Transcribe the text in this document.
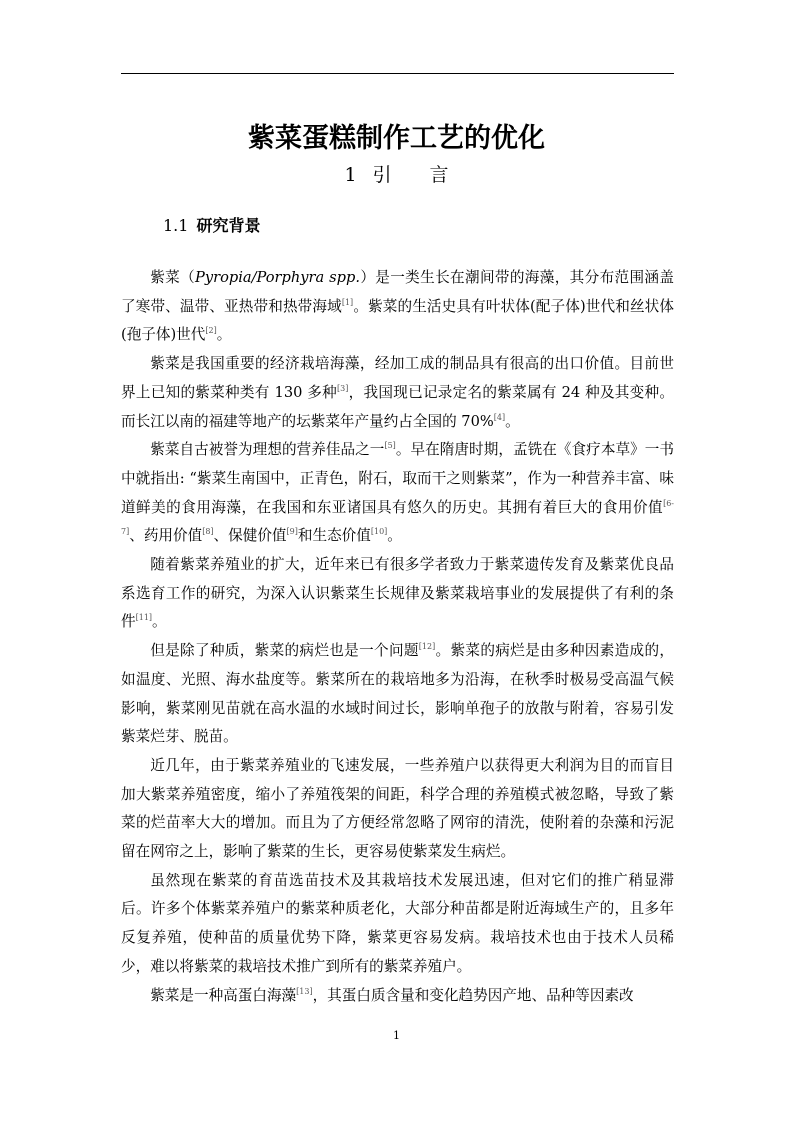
紫菜蛋糕制作工艺的优化
1 引 言
1.1 研究背景

紫菜（Pyropia/Porphyra spp.）是一类生长在潮间带的海藻，其分布范围涵盖了寒带、温带、亚热带和热带海域[1]。紫菜的生活史具有叶状体(配子体)世代和丝状体(孢子体)世代[2]。

紫菜是我国重要的经济栽培海藻，经加工成的制品具有很高的出口价值。目前世界上已知的紫菜种类有 130 多种[3]，我国现已记录定名的紫菜属有 24 种及其变种。而长江以南的福建等地产的坛紫菜年产量约占全国的 70%[4]。

紫菜自古被誉为理想的营养佳品之一[5]。早在隋唐时期，孟铣在《食疗本草》一书中就指出: “紫菜生南国中，正青色，附石，取而干之则紫菜”，作为一种营养丰富、味道鲜美的食用海藻，在我国和东亚诸国具有悠久的历史。其拥有着巨大的食用价值[6-7]、药用价值[8]、保健价值[9]和生态价值[10]。

随着紫菜养殖业的扩大，近年来已有很多学者致力于紫菜遗传发育及紫菜优良品系选育工作的研究，为深入认识紫菜生长规律及紫菜栽培事业的发展提供了有利的条件[11]。

但是除了种质，紫菜的病烂也是一个问题[12]。紫菜的病烂是由多种因素造成的，如温度、光照、海水盐度等。紫菜所在的栽培地多为沿海，在秋季时极易受高温气候影响，紫菜刚见苗就在高水温的水域时间过长，影响单孢子的放散与附着，容易引发紫菜烂芽、脱苗。

近几年，由于紫菜养殖业的飞速发展，一些养殖户以获得更大利润为目的而盲目加大紫菜养殖密度，缩小了养殖筏架的间距，科学合理的养殖模式被忽略，导致了紫菜的烂苗率大大的增加。而且为了方便经常忽略了网帘的清洗，使附着的杂藻和污泥留在网帘之上，影响了紫菜的生长，更容易使紫菜发生病烂。

虽然现在紫菜的育苗选苗技术及其栽培技术发展迅速，但对它们的推广稍显滞后。许多个体紫菜养殖户的紫菜种质老化，大部分种苗都是附近海域生产的，且多年反复养殖，使种苗的质量优势下降，紫菜更容易发病。栽培技术也由于技术人员稀少，难以将紫菜的栽培技术推广到所有的紫菜养殖户。

紫菜是一种高蛋白海藻[13]，其蛋白质含量和变化趋势因产地、品种等因素改

1
